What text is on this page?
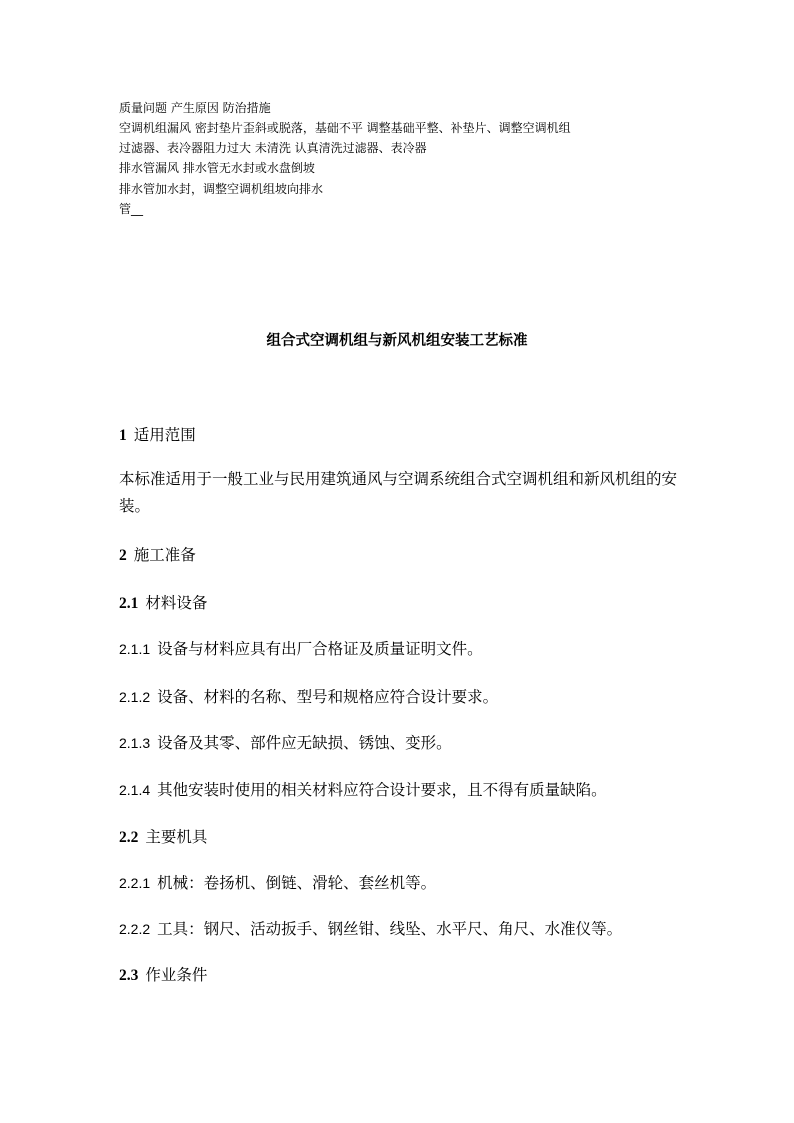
质量问题 产生原因 防治措施
空调机组漏风 密封垫片歪斜或脱落，基础不平 调整基础平整、补垫片、调整空调机组
过滤器、表冷器阻力过大 未清洗 认真清洗过滤器、表冷器
排水管漏风 排水管无水封或水盘倒坡
排水管加水封，调整空调机组坡向排水
管__
组合式空调机组与新风机组安装工艺标准
1 适用范围
本标准适用于一般工业与民用建筑通风与空调系统组合式空调机组和新风机组的安装。
2 施工准备
2.1 材料设备
2.1.1 设备与材料应具有出厂合格证及质量证明文件。
2.1.2 设备、材料的名称、型号和规格应符合设计要求。
2.1.3 设备及其零、部件应无缺损、锈蚀、变形。
2.1.4 其他安装时使用的相关材料应符合设计要求，且不得有质量缺陷。
2.2 主要机具
2.2.1 机械：卷扬机、倒链、滑轮、套丝机等。
2.2.2 工具：钢尺、活动扳手、钢丝钳、线坠、水平尺、角尺、水准仪等。
2.3 作业条件
